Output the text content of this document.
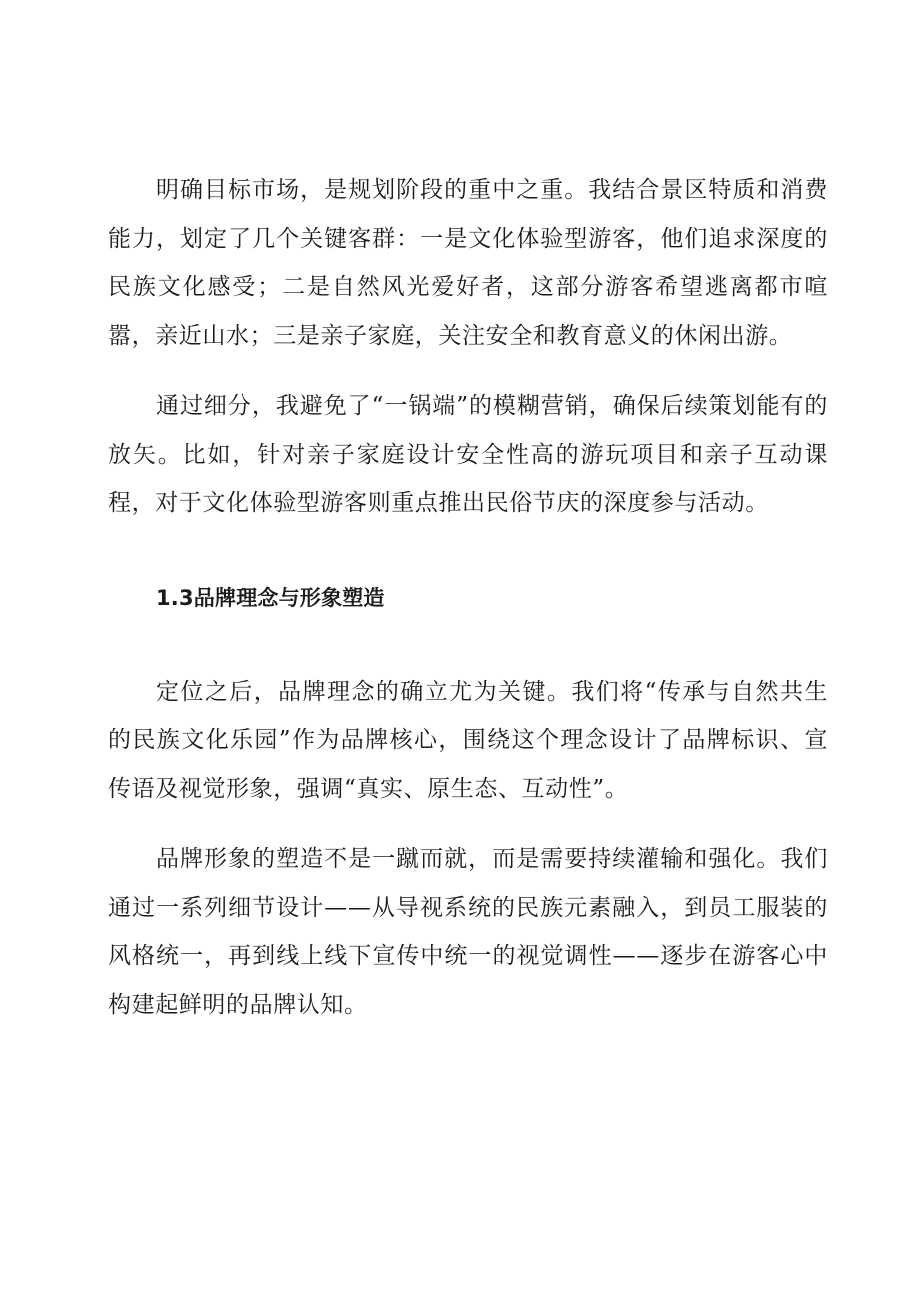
明确目标市场，是规划阶段的重中之重。我结合景区特质和消费能力，划定了几个关键客群：一是文化体验型游客，他们追求深度的民族文化感受；二是自然风光爱好者，这部分游客希望逃离都市喧嚣，亲近山水；三是亲子家庭，关注安全和教育意义的休闲出游。

通过细分，我避免了“一锅端”的模糊营销，确保后续策划能有的放矢。比如，针对亲子家庭设计安全性高的游玩项目和亲子互动课程，对于文化体验型游客则重点推出民俗节庆的深度参与活动。

1.3品牌理念与形象塑造

定位之后，品牌理念的确立尤为关键。我们将“传承与自然共生的民族文化乐园”作为品牌核心，围绕这个理念设计了品牌标识、宣传语及视觉形象，强调“真实、原生态、互动性”。

品牌形象的塑造不是一蹴而就，而是需要持续灌输和强化。我们通过一系列细节设计——从导视系统的民族元素融入，到员工服装的风格统一，再到线上线下宣传中统一的视觉调性——逐步在游客心中构建起鲜明的品牌认知。
